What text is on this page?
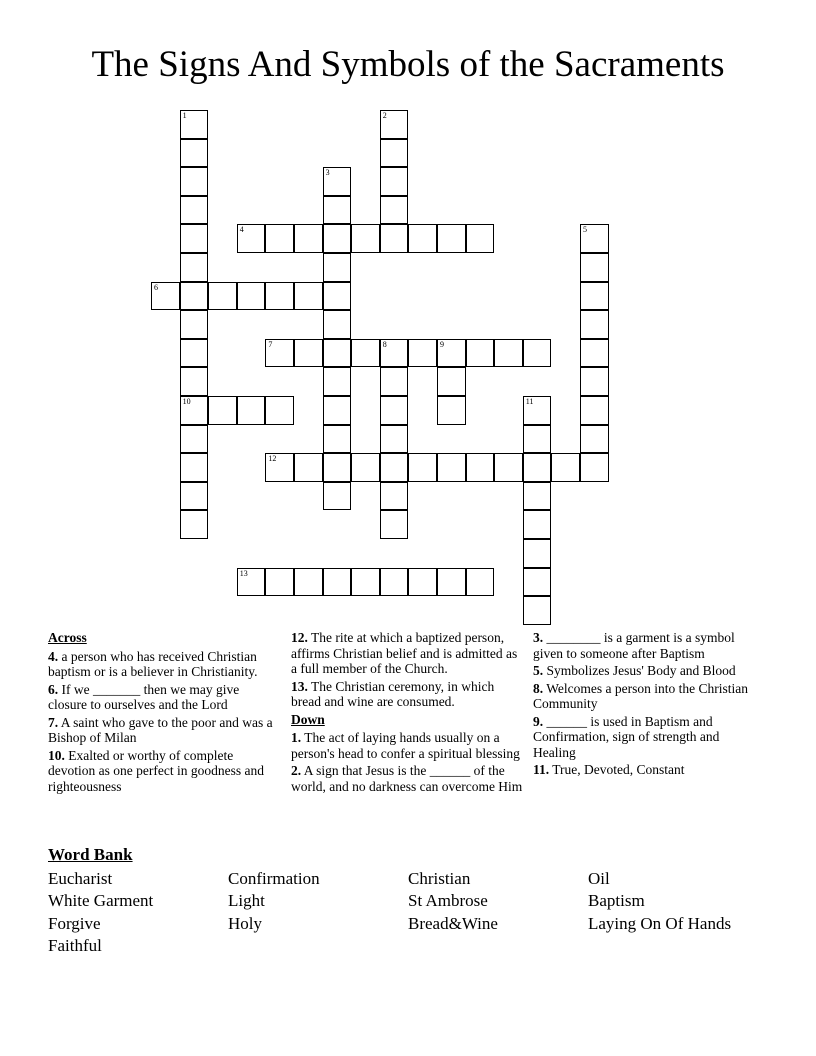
The Signs And Symbols of the Sacraments
1
10
2
3
4	5
6
7	8	9
11
12
13
Across
4. a person who has received Christian baptism or is a believer in Christianity.
6. If we _______ then we may give closure to ourselves and the Lord
7. A saint who gave to the poor and was a Bishop of Milan
10. Exalted or worthy of complete devotion as one perfect in goodness and righteousness
12. The rite at which a baptized person, affirms Christian belief and is admitted as a full member of the Church.
13. The Christian ceremony, in which bread and wine are consumed.
Down
1. The act of laying hands usually on a person's head to confer a spiritual blessing
2. A sign that Jesus is the ______ of the world, and no darkness can overcome Him
3. ________ is a garment is a symbol given to someone after Baptism
5. Symbolizes Jesus' Body and Blood
8. Welcomes a person into the Christian Community
9. ______ is used in Baptism and Confirmation, sign of strength and Healing
11. True, Devoted, Constant
Word Bank
Eucharist	Confirmation	Christian	Oil
White Garment	Light	St Ambrose	Baptism
Forgive	Holy	Bread&Wine	Laying On Of Hands
Faithful
